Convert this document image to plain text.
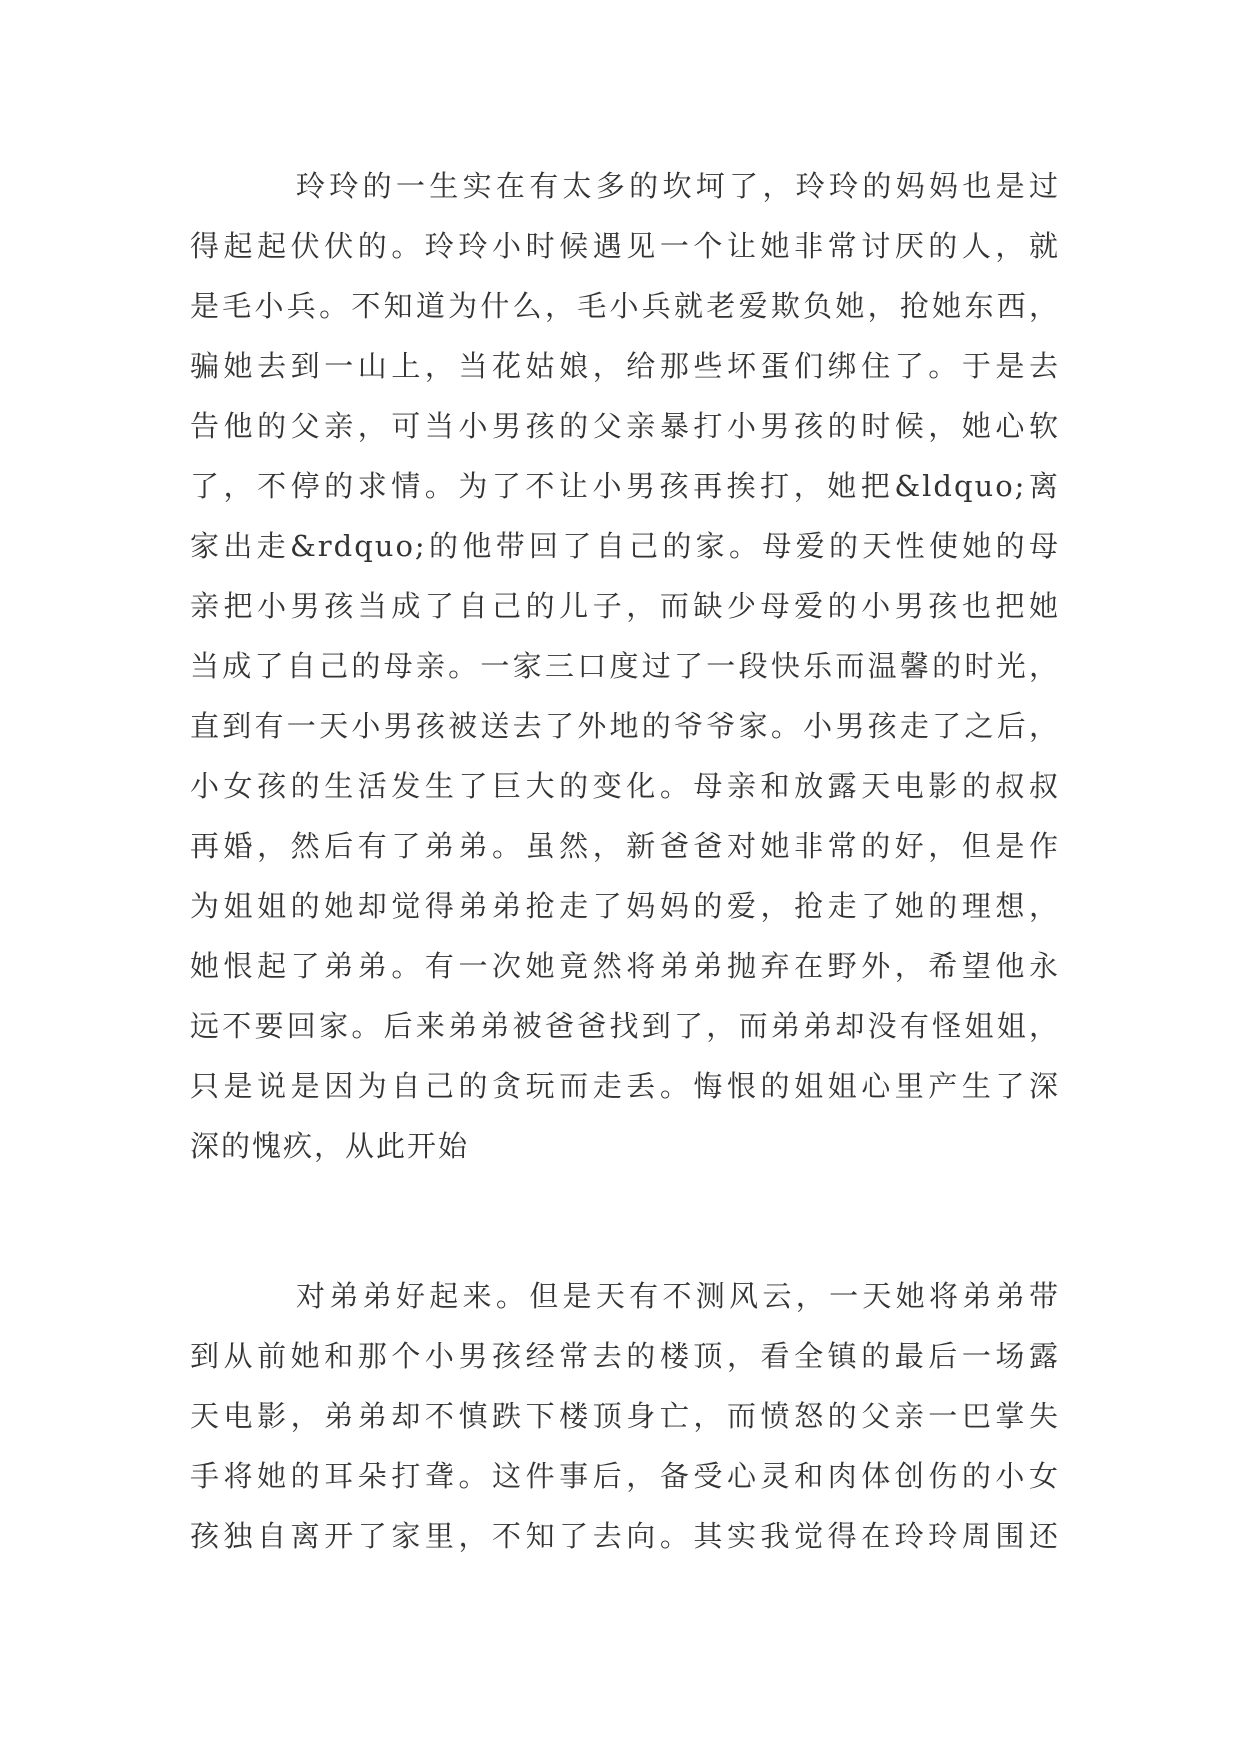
玲玲的一生实在有太多的坎坷了，玲玲的妈妈也是过
得起起伏伏的。玲玲小时候遇见一个让她非常讨厌的人，就
是毛小兵。不知道为什么，毛小兵就老爱欺负她，抢她东西，
骗她去到一山上，当花姑娘，给那些坏蛋们绑住了。于是去
告他的父亲，可当小男孩的父亲暴打小男孩的时候，她心软
了，不停的求情。为了不让小男孩再挨打，她把&ldquo;离
家出走&rdquo;的他带回了自己的家。母爱的天性使她的母
亲把小男孩当成了自己的儿子，而缺少母爱的小男孩也把她
当成了自己的母亲。一家三口度过了一段快乐而温馨的时光，
直到有一天小男孩被送去了外地的爷爷家。小男孩走了之后，
小女孩的生活发生了巨大的变化。母亲和放露天电影的叔叔
再婚，然后有了弟弟。虽然，新爸爸对她非常的好，但是作
为姐姐的她却觉得弟弟抢走了妈妈的爱，抢走了她的理想，
她恨起了弟弟。有一次她竟然将弟弟抛弃在野外，希望他永
远不要回家。后来弟弟被爸爸找到了，而弟弟却没有怪姐姐，
只是说是因为自己的贪玩而走丢。悔恨的姐姐心里产生了深
深的愧疚，从此开始
对弟弟好起来。但是天有不测风云，一天她将弟弟带
到从前她和那个小男孩经常去的楼顶，看全镇的最后一场露
天电影，弟弟却不慎跌下楼顶身亡，而愤怒的父亲一巴掌失
手将她的耳朵打聋。这件事后，备受心灵和肉体创伤的小女
孩独自离开了家里，不知了去向。其实我觉得在玲玲周围还
